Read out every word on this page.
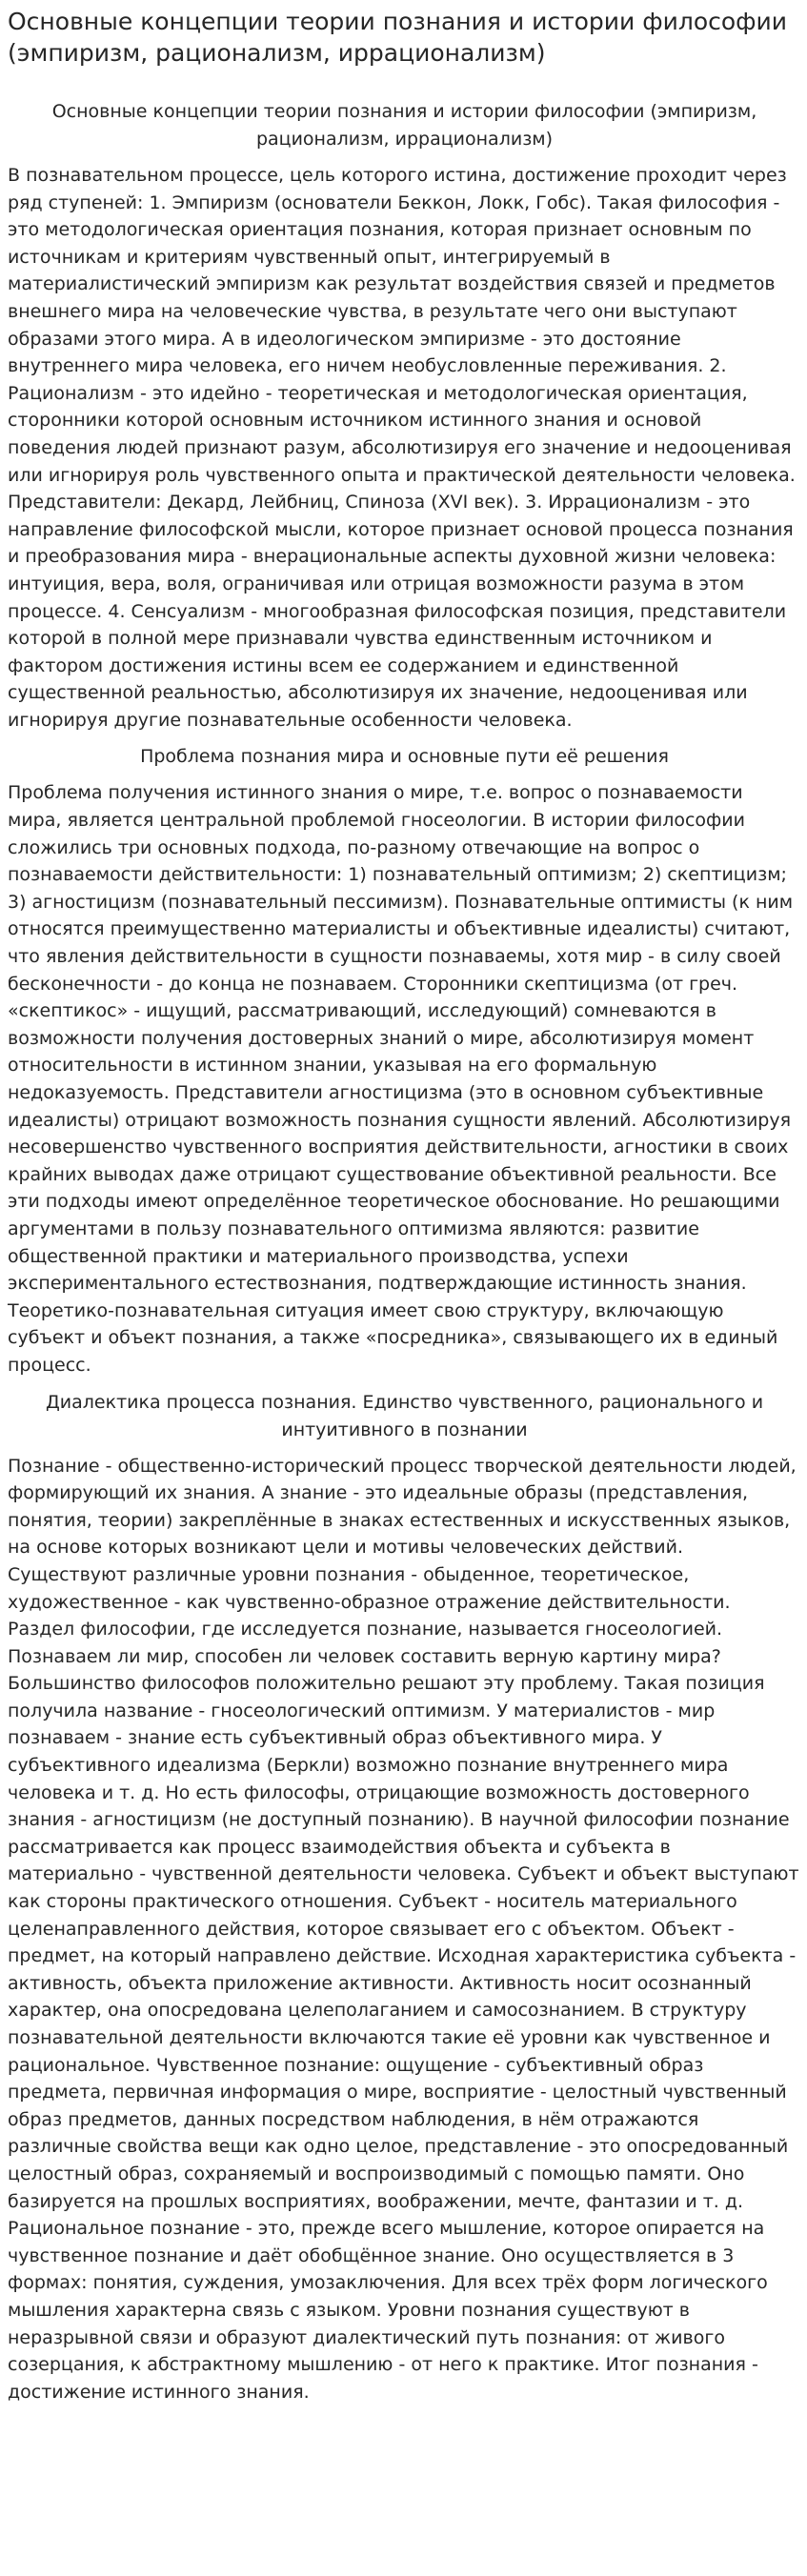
Основные концепции теории познания и истории философии (эмпиризм, рационализм, иррационализм)
Основные концепции теории познания и истории философии (эмпиризм, рационализм, иррационализм)

В познавательном процессе, цель которого истина, достижение проходит через ряд ступеней: 1. Эмпиризм (основатели Беккон, Локк, Гобс). Такая философия - это методологическая ориентация познания, которая признает основным по источникам и критериям чувственный опыт, интегрируемый в материалистический эмпиризм как результат воздействия связей и предметов внешнего мира на человеческие чувства, в результате чего они выступают образами этого мира. А в идеологическом эмпиризме - это достояние внутреннего мира человека, его ничем необусловленные переживания. 2. Рационализм - это идейно - теоретическая и методологическая ориентация, сторонники которой основным источником истинного знания и основой поведения людей признают разум, абсолютизируя его значение и недооценивая или игнорируя роль чувственного опыта и практической деятельности человека. Представители: Декард, Лейбниц, Спиноза (XVI век). 3. Иррационализм - это направление философской мысли, которое признает основой процесса познания и преобразования мира - внерациональные аспекты духовной жизни человека: интуиция, вера, воля, ограничивая или отрицая возможности разума в этом процессе. 4. Сенсуализм - многообразная философская позиция, представители которой в полной мере признавали чувства единственным источником и фактором достижения истины всем ее содержанием и единственной существенной реальностью, абсолютизируя их значение, недооценивая или игнорируя другие познавательные особенности человека.

Проблема познания мира и основные пути её решения

Проблема получения истинного знания о мире, т.е. вопрос о познаваемости мира, является центральной проблемой гносеологии. В истории философии сложились три основных подхода, по-разному отвечающие на вопрос о познаваемости действительности: 1) познавательный оптимизм; 2) скептицизм; 3) агностицизм (познавательный пессимизм). Познавательные оптимисты (к ним относятся преимущественно материалисты и объективные идеалисты) считают, что явления действительности в сущности познаваемы, хотя мир - в силу своей бесконечности - до конца не познаваем. Сторонники скептицизма (от греч. «скептикос» - ищущий, рассматривающий, исследующий) сомневаются в возможности получения достоверных знаний о мире, абсолютизируя момент относительности в истинном знании, указывая на его формальную недоказуемость. Представители агностицизма (это в основном субъективные идеалисты) отрицают возможность познания сущности явлений. Абсолютизируя несовершенство чувственного восприятия действительности, агностики в своих крайних выводах даже отрицают существование объективной реальности. Все эти подходы имеют определённое теоретическое обоснование. Но решающими аргументами в пользу познавательного оптимизма являются: развитие общественной практики и материального производства, успехи экспериментального естествознания, подтверждающие истинность знания. Теоретико-познавательная ситуация имеет свою структуру, включающую субъект и объект познания, а также «посредника», связывающего их в единый процесс.

Диалектика процесса познания. Единство чувственного, рационального и интуитивного в познании

Познание - общественно-исторический процесс творческой деятельности людей, формирующий их знания. А знание - это идеальные образы (представления, понятия, теории) закреплённые в знаках естественных и искусственных языков, на основе которых возникают цели и мотивы человеческих действий. Существуют различные уровни познания - обыденное, теоретическое, художественное - как чувственно-образное отражение действительности. Раздел философии, где исследуется познание, называется гносеологией. Познаваем ли мир, способен ли человек составить верную картину мира? Большинство философов положительно решают эту проблему. Такая позиция получила название - гносеологический оптимизм. У материалистов - мир познаваем - знание есть субъективный образ объективного мира. У субъективного идеализма (Беркли) возможно познание внутреннего мира человека и т. д. Но есть философы, отрицающие возможность достоверного знания - агностицизм (не доступный познанию). В научной философии познание рассматривается как процесс взаимодействия объекта и субъекта в материально - чувственной деятельности человека. Субъект и объект выступают как стороны практического отношения. Субъект - носитель материального целенаправленного действия, которое связывает его с объектом. Объект - предмет, на который направлено действие. Исходная характеристика субъекта - активность, объекта приложение активности. Активность носит осознанный характер, она опосредована целеполаганием и самосознанием. В структуру познавательной деятельности включаются такие её уровни как чувственное и рациональное. Чувственное познание: ощущение - субъективный образ предмета, первичная информация о мире, восприятие - целостный чувственный образ предметов, данных посредством наблюдения, в нём отражаются различные свойства вещи как одно целое, представление - это опосредованный целостный образ, сохраняемый и воспроизводимый с помощью памяти. Оно базируется на прошлых восприятиях, воображении, мечте, фантазии и т. д. Рациональное познание - это, прежде всего мышление, которое опирается на чувственное познание и даёт обобщённое знание. Оно осуществляется в 3 формах: понятия, суждения, умозаключения. Для всех трёх форм логического мышления характерна связь с языком. Уровни познания существуют в неразрывной связи и образуют диалектический путь познания: от живого созерцания, к абстрактному мышлению - от него к практике. Итог познания - достижение истинного знания.
